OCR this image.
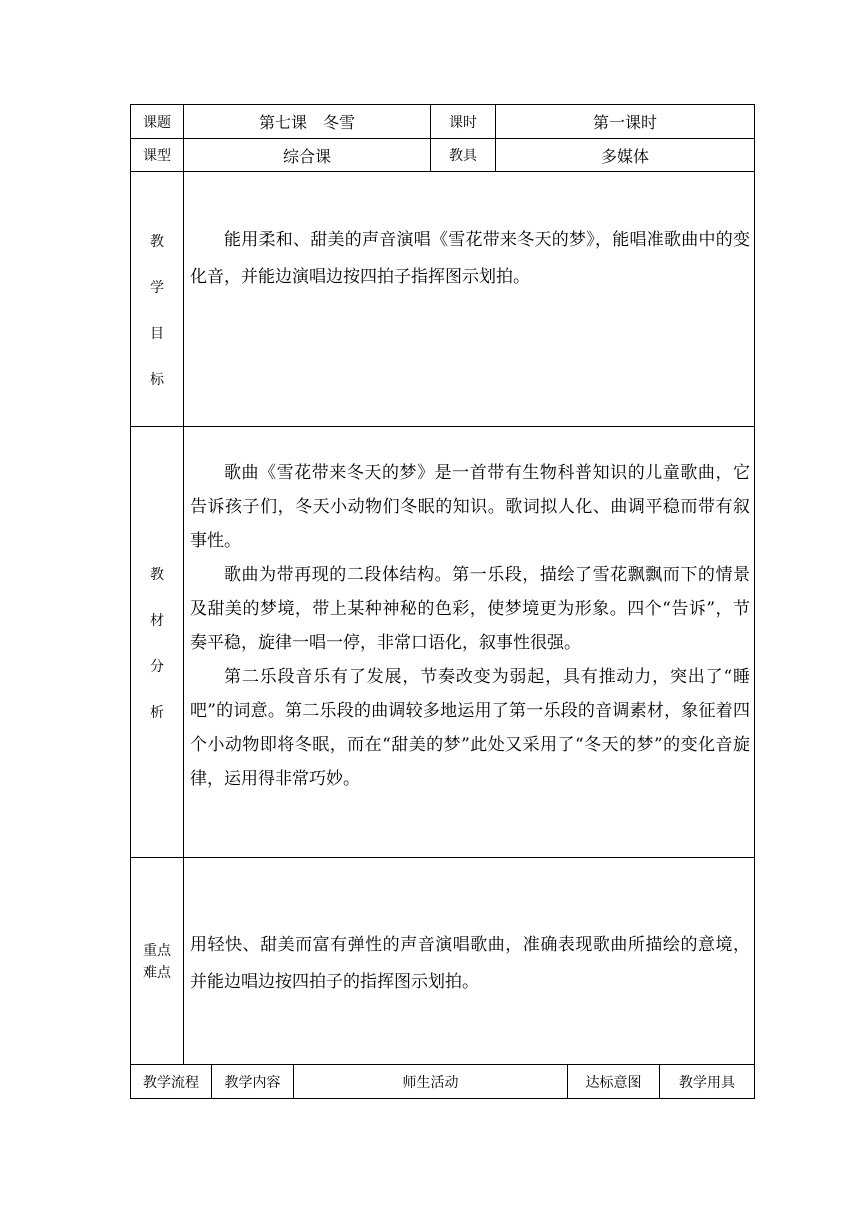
课题	第七课　冬雪	课时	第一课时
课型	综合课	教具	多媒体
教
学
目
标

能用柔和、甜美的声音演唱《雪花带来冬天的梦》，能唱准歌曲中的变化音，并能边演唱边按四拍子指挥图示划拍。

教
材
分
析

歌曲《雪花带来冬天的梦》是一首带有生物科普知识的儿童歌曲，它告诉孩子们，冬天小动物们冬眠的知识。歌词拟人化、曲调平稳而带有叙事性。

歌曲为带再现的二段体结构。第一乐段，描绘了雪花飘飘而下的情景及甜美的梦境，带上某种神秘的色彩，使梦境更为形象。四个“告诉”，节奏平稳，旋律一唱一停，非常口语化，叙事性很强。

第二乐段音乐有了发展，节奏改变为弱起，具有推动力，突出了“睡吧”的词意。第二乐段的曲调较多地运用了第一乐段的音调素材，象征着四个小动物即将冬眠，而在“甜美的梦”此处又采用了“冬天的梦”的变化音旋律，运用得非常巧妙。

重点
难点

用轻快、甜美而富有弹性的声音演唱歌曲，准确表现歌曲所描绘的意境，并能边唱边按四拍子的指挥图示划拍。

教学流程	教学内容	师生活动	达标意图	教学用具
